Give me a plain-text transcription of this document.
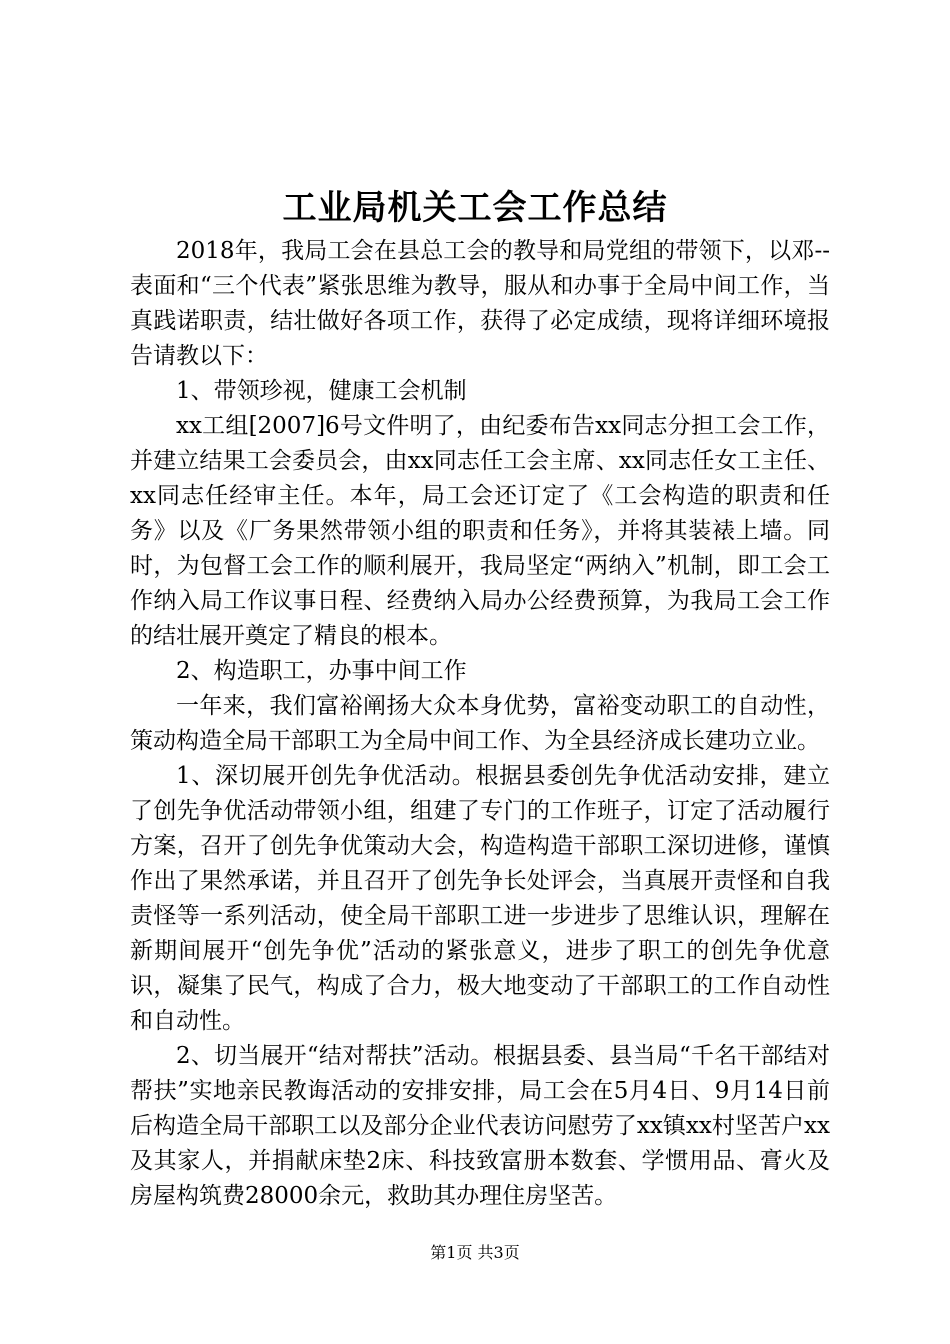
工业局机关工会工作总结

2018年，我局工会在县总工会的教导和局党组的带领下，以邓--表面和“三个代表”紧张思维为教导，服从和办事于全局中间工作，当真践诺职责，结壮做好各项工作，获得了必定成绩，现将详细环境报告请教以下：

1、带领珍视，健康工会机制

xx工组[2007]6号文件明了，由纪委布告xx同志分担工会工作，并建立结果工会委员会，由xx同志任工会主席、xx同志任女工主任、xx同志任经审主任。本年，局工会还订定了《工会构造的职责和任务》以及《厂务果然带领小组的职责和任务》，并将其装裱上墙。同时，为包督工会工作的顺利展开，我局坚定“两纳入”机制，即工会工作纳入局工作议事日程、经费纳入局办公经费预算，为我局工会工作的结壮展开奠定了精良的根本。

2、构造职工，办事中间工作

一年来，我们富裕阐扬大众本身优势，富裕变动职工的自动性，策动构造全局干部职工为全局中间工作、为全县经济成长建功立业。

1、深切展开创先争优活动。根据县委创先争优活动安排，建立了创先争优活动带领小组，组建了专门的工作班子，订定了活动履行方案，召开了创先争优策动大会，构造构造干部职工深切进修，谨慎作出了果然承诺，并且召开了创先争长处评会，当真展开责怪和自我责怪等一系列活动，使全局干部职工进一步进步了思维认识，理解在新期间展开“创先争优”活动的紧张意义，进步了职工的创先争优意识，凝集了民气，构成了合力，极大地变动了干部职工的工作自动性和自动性。

2、切当展开“结对帮扶”活动。根据县委、县当局“千名干部结对帮扶”实地亲民教诲活动的安排安排，局工会在5月4日、9月14日前后构造全局干部职工以及部分企业代表访问慰劳了xx镇xx村坚苦户xx及其家人，并捐献床垫2床、科技致富册本数套、学惯用品、膏火及房屋构筑费28000余元，救助其办理住房坚苦。

第1页 共3页
